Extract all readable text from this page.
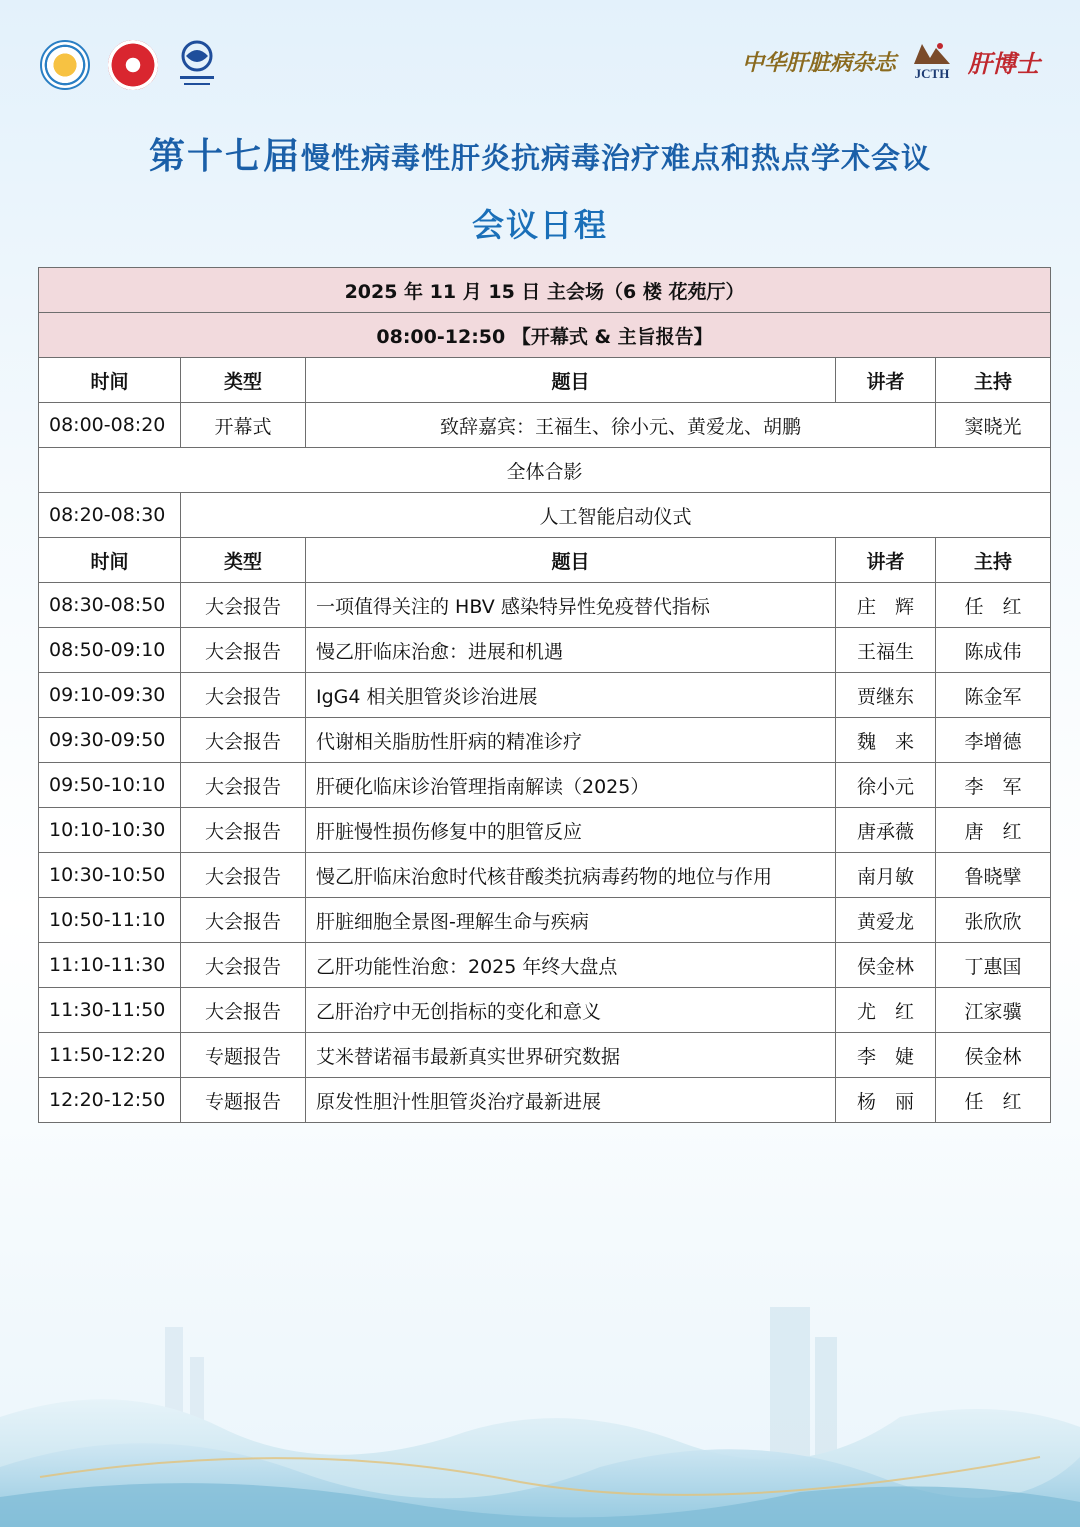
中华肝脏病杂志 JCTH 肝博士
第十七届慢性病毒性肝炎抗病毒治疗难点和热点学术会议
会议日程
2025 年 11 月 15 日 主会场（6 楼 花苑厅）				
08:00-12:50 【开幕式 & 主旨报告】				
时间	类型	题目	讲者	主持
08:00-08:20	开幕式	致辞嘉宾：王福生、徐小元、黄爱龙、胡鹏		窦晓光
全体合影				
08:20-08:30	人工智能启动仪式			
时间	类型	题目	讲者	主持
08:30-08:50	大会报告	一项值得关注的 HBV 感染特异性免疫替代指标	庄　辉	任　红
08:50-09:10	大会报告	慢乙肝临床治愈：进展和机遇	王福生	陈成伟
09:10-09:30	大会报告	IgG4 相关胆管炎诊治进展	贾继东	陈金军
09:30-09:50	大会报告	代谢相关脂肪性肝病的精准诊疗	魏　来	李增德
09:50-10:10	大会报告	肝硬化临床诊治管理指南解读（2025）	徐小元	李　军
10:10-10:30	大会报告	肝脏慢性损伤修复中的胆管反应	唐承薇	唐　红
10:30-10:50	大会报告	慢乙肝临床治愈时代核苷酸类抗病毒药物的地位与作用	南月敏	鲁晓擘
10:50-11:10	大会报告	肝脏细胞全景图-理解生命与疾病	黄爱龙	张欣欣
11:10-11:30	大会报告	乙肝功能性治愈：2025 年终大盘点	侯金林	丁惠国
11:30-11:50	大会报告	乙肝治疗中无创指标的变化和意义	尤　红	江家骥
11:50-12:20	专题报告	艾米替诺福韦最新真实世界研究数据	李　婕	侯金林
12:20-12:50	专题报告	原发性胆汁性胆管炎治疗最新进展	杨　丽	任　红
